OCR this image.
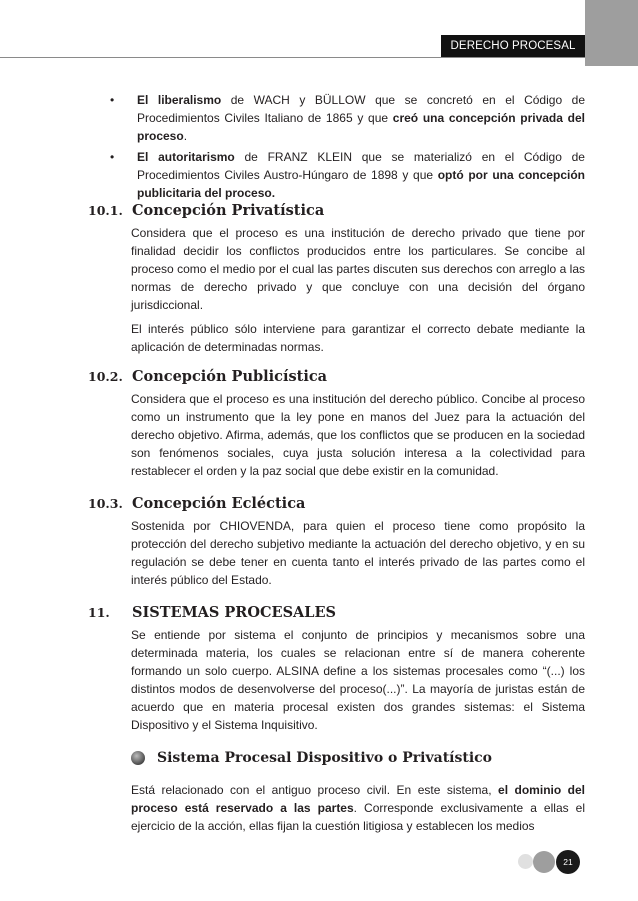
DERECHO PROCESAL CIVIL
• El liberalismo de WACH y BÜLLOW que se concretó en el Código de Procedimientos Civiles Italiano de 1865 y que creó una concepción privada del proceso.
• El autoritarismo de FRANZ KLEIN que se materializó en el Código de Procedimientos Civiles Austro-Húngaro de 1898 y que optó por una concepción publicitaria del proceso.
10.1. Concepción Privatística

Considera que el proceso es una institución de derecho privado que tiene por finalidad decidir los conflictos producidos entre los particulares. Se concibe al proceso como el medio por el cual las partes discuten sus derechos con arreglo a las normas de derecho privado y que concluye con una decisión del órgano jurisdiccional.

El interés público sólo interviene para garantizar el correcto debate mediante la aplicación de determinadas normas.

10.2. Concepción Publicística

Considera que el proceso es una institución del derecho público. Concibe al proceso como un instrumento que la ley pone en manos del Juez para la actuación del derecho objetivo. Afirma, además, que los conflictos que se producen en la sociedad son fenómenos sociales, cuya justa solución interesa a la colectividad para restablecer el orden y la paz social que debe existir en la comunidad.

10.3. Concepción Ecléctica

Sostenida por CHIOVENDA, para quien el proceso tiene como propósito la protección del derecho subjetivo mediante la actuación del derecho objetivo, y en su regulación se debe tener en cuenta tanto el interés privado de las partes como el interés público del Estado.

11. SISTEMAS PROCESALES

Se entiende por sistema el conjunto de principios y mecanismos sobre una determinada materia, los cuales se relacionan entre sí de manera coherente formando un solo cuerpo. ALSINA define a los sistemas procesales como “(...) los distintos modos de desenvolverse del proceso(...)”. La mayoría de juristas están de acuerdo que en materia procesal existen dos grandes sistemas: el Sistema Dispositivo y el Sistema Inquisitivo.

Sistema Procesal Dispositivo o Privatístico

Está relacionado con el antiguo proceso civil. En este sistema, el dominio del proceso está reservado a las partes. Corresponde exclusivamente a ellas el ejercicio de la acción, ellas fijan la cuestión litigiosa y establecen los medios

21
